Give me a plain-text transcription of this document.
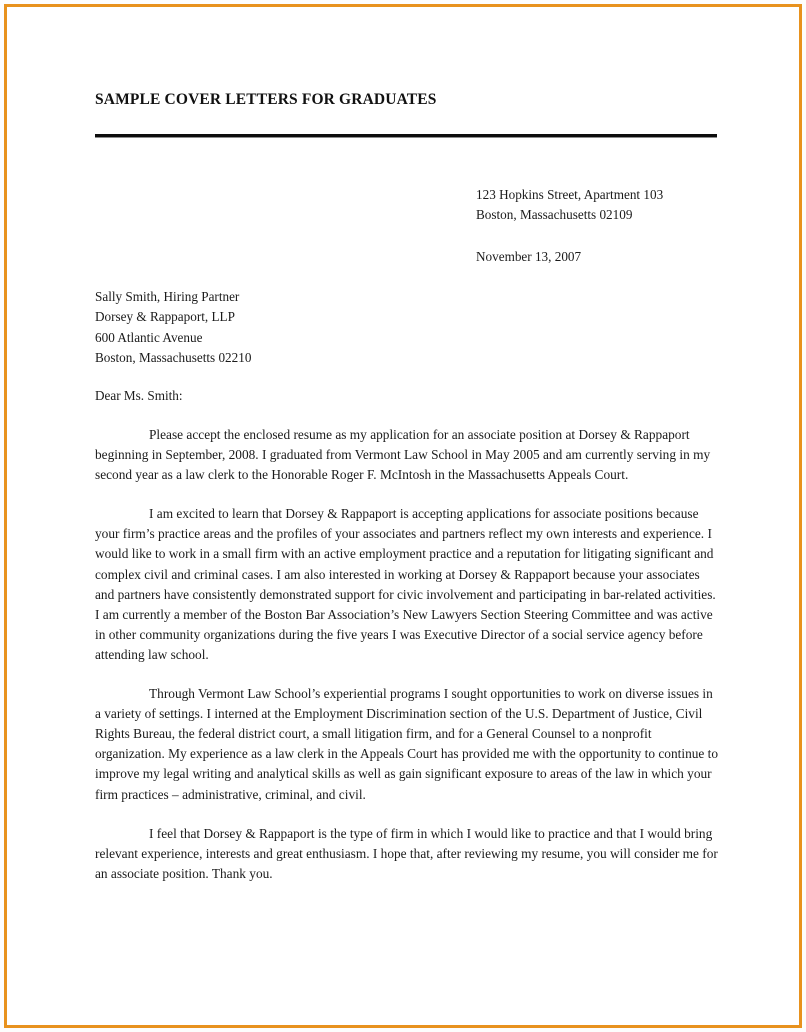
SAMPLE COVER LETTERS FOR GRADUATES
123 Hopkins Street, Apartment 103
Boston, Massachusetts 02109
November 13, 2007
Sally Smith, Hiring Partner
Dorsey & Rappaport, LLP
600 Atlantic Avenue
Boston, Massachusetts 02210
Dear Ms. Smith:

Please accept the enclosed resume as my application for an associate position at Dorsey & Rappaport beginning in September, 2008. I graduated from Vermont Law School in May 2005 and am currently serving in my second year as a law clerk to the Honorable Roger F. McIntosh in the Massachusetts Appeals Court.

I am excited to learn that Dorsey & Rappaport is accepting applications for associate positions because your firm’s practice areas and the profiles of your associates and partners reflect my own interests and experience. I would like to work in a small firm with an active employment practice and a reputation for litigating significant and complex civil and criminal cases. I am also interested in working at Dorsey & Rappaport because your associates and partners have consistently demonstrated support for civic involvement and participating in bar-related activities. I am currently a member of the Boston Bar Association’s New Lawyers Section Steering Committee and was active in other community organizations during the five years I was Executive Director of a social service agency before attending law school.

Through Vermont Law School’s experiential programs I sought opportunities to work on diverse issues in a variety of settings. I interned at the Employment Discrimination section of the U.S. Department of Justice, Civil Rights Bureau, the federal district court, a small litigation firm, and for a General Counsel to a nonprofit organization. My experience as a law clerk in the Appeals Court has provided me with the opportunity to continue to improve my legal writing and analytical skills as well as gain significant exposure to areas of the law in which your firm practices – administrative, criminal, and civil.

I feel that Dorsey & Rappaport is the type of firm in which I would like to practice and that I would bring relevant experience, interests and great enthusiasm. I hope that, after reviewing my resume, you will consider me for an associate position. Thank you.
